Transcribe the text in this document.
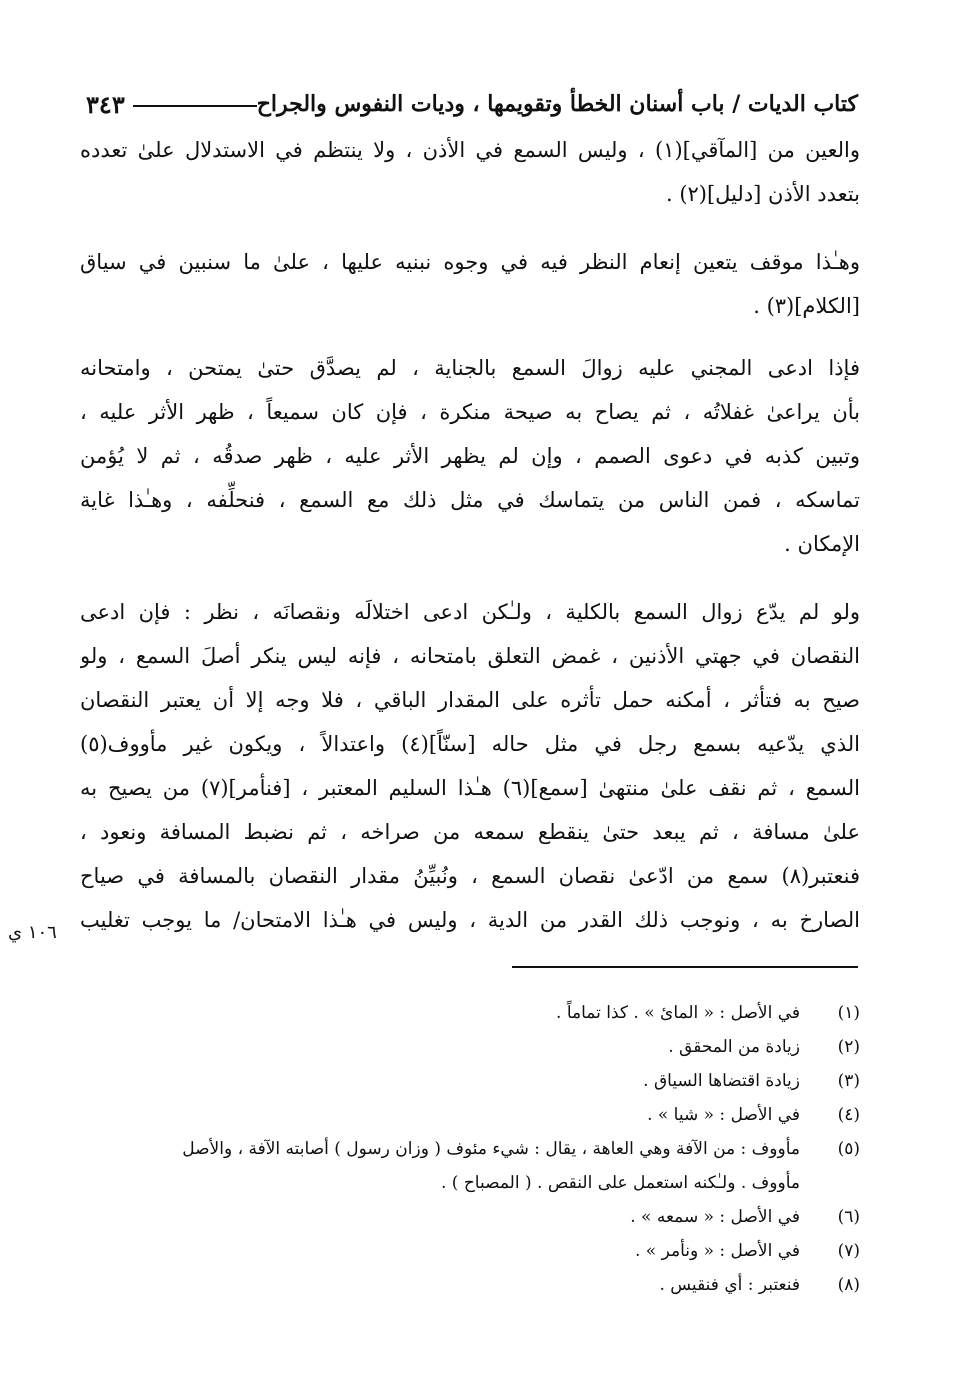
كتاب الديات / باب أسنان الخطأ وتقويمها ، وديات النفوس والجراح
٣٤٣
والعين من [المآقي](١) ، وليس السمع في الأذن ، ولا ينتظم في الاستدلال علىٰ تعدده
بتعدد الأذن [دليل](٢) .
وهـٰذا موقف يتعين إنعام النظر فيه في وجوه نبنيه عليها ، علىٰ ما سنبين في سياق
[الكلام](٣) .
فإذا ادعى المجني عليه زوالَ السمع بالجناية ، لم يصدَّق حتىٰ يمتحن ، وامتحانه
بأن يراعىٰ غفلاتُه ، ثم يصاح به صيحة منكرة ، فإن كان سميعاً ، ظهر الأثر عليه ،
وتبين كذبه في دعوى الصمم ، وإن لم يظهر الأثر عليه ، ظهر صدقُه ، ثم لا يُؤمن
تماسكه ، فمن الناس من يتماسك في مثل ذلك مع السمع ، فنحلِّفه ، وهـٰذا غاية
الإمكان .
ولو لم يدّع زوال السمع بالكلية ، ولـٰكن ادعى اختلالَه ونقصانَه ، نظر : فإن ادعى
النقصان في جهتي الأذنين ، غمض التعلق بامتحانه ، فإنه ليس ينكر أصلَ السمع ، ولو
صيح به فتأثر ، أمكنه حمل تأثره على المقدار الباقي ، فلا وجه إلا أن يعتبر النقصان
الذي يدّعيه بسمع رجل في مثل حاله [سنّاً](٤) واعتدالاً ، ويكون غير مأووف(٥)
السمع ، ثم نقف علىٰ منتهىٰ [سمع](٦) هـٰذا السليم المعتبر ، [فنأمر](٧) من يصيح به
علىٰ مسافة ، ثم يبعد حتىٰ ينقطع سمعه من صراخه ، ثم نضبط المسافة ونعود ،
فنعتبر(٨) سمع من ادّعىٰ نقصان السمع ، ونُبيِّنُ مقدار النقصان بالمسافة في صياح
الصارخ به ، ونوجب ذلك القدر من الدية ، وليس في هـٰذا الامتحان/ ما يوجب تغليب
١٠٦ ي
(١)
في الأصل : « المائ » . كذا تماماً .
(٢)
زيادة من المحقق .
(٣)
زيادة اقتضاها السياق .
(٤)
في الأصل : « شيا » .
(٥)
مأووف : من الآفة وهي العاهة ، يقال : شيء مئوف ( وزان رسول ) أصابته الآفة ، والأصل
مأووف . ولـٰكنه استعمل على النقص . ( المصباح ) .
(٦)
في الأصل : « سمعه » .
(٧)
في الأصل : « ونأمر » .
(٨)
فنعتبر : أي فنقيس .
